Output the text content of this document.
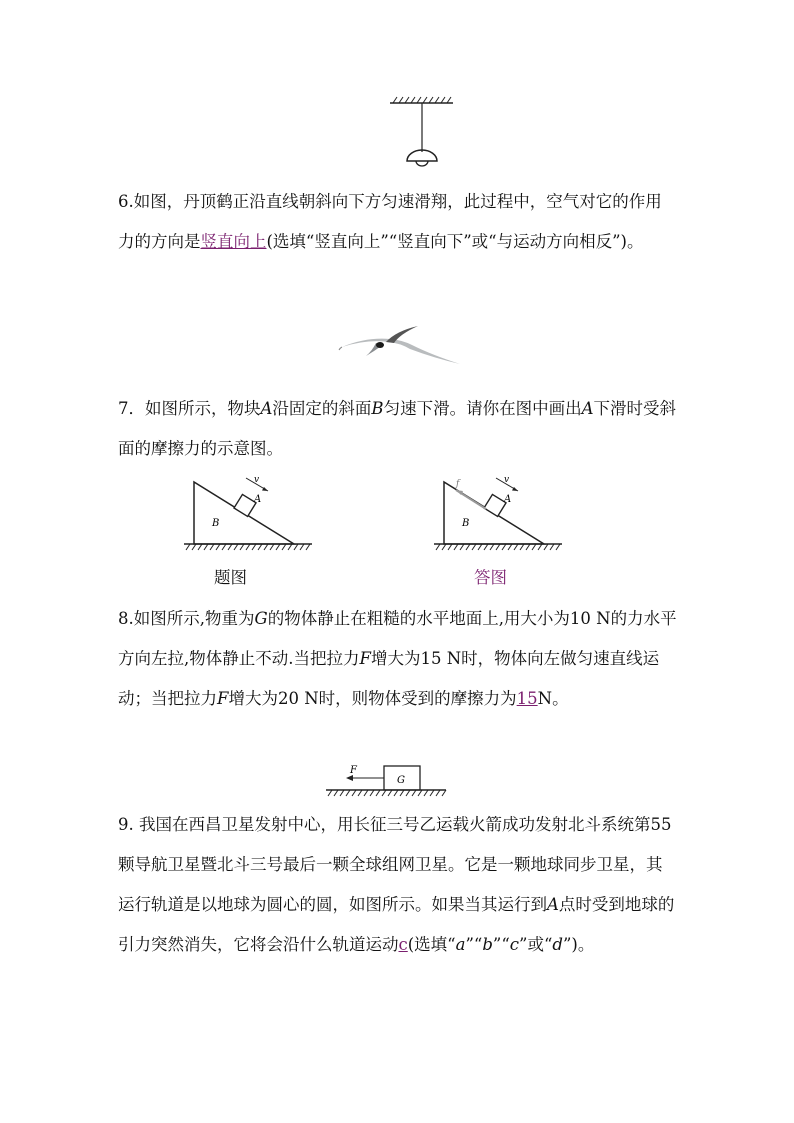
6.如图，丹顶鹤正沿直线朝斜向下方匀速滑翔，此过程中，空气对它的作用力的方向是竖直向上(选填“竖直向上”“竖直向下”或“与运动方向相反”)。
7．如图所示，物块A沿固定的斜面B匀速下滑。请你在图中画出A下滑时受斜面的摩擦力的示意图。
v
A
B
f	v
A
B
题图	答图
8.如图所示,物重为G的物体静止在粗糙的水平地面上,用大小为10 N的力水平方向左拉,物体静止不动.当把拉力F增大为15 N时，物体向左做匀速直线运动；当把拉力F增大为20 N时，则物体受到的摩擦力为15N。
G
F
9. 我国在西昌卫星发射中心，用长征三号乙运载火箭成功发射北斗系统第55颗导航卫星暨北斗三号最后一颗全球组网卫星。它是一颗地球同步卫星，其运行轨道是以地球为圆心的圆，如图所示。如果当其运行到A点时受到地球的引力突然消失，它将会沿什么轨道运动c(选填“a”“b”“c”或“d”)。
